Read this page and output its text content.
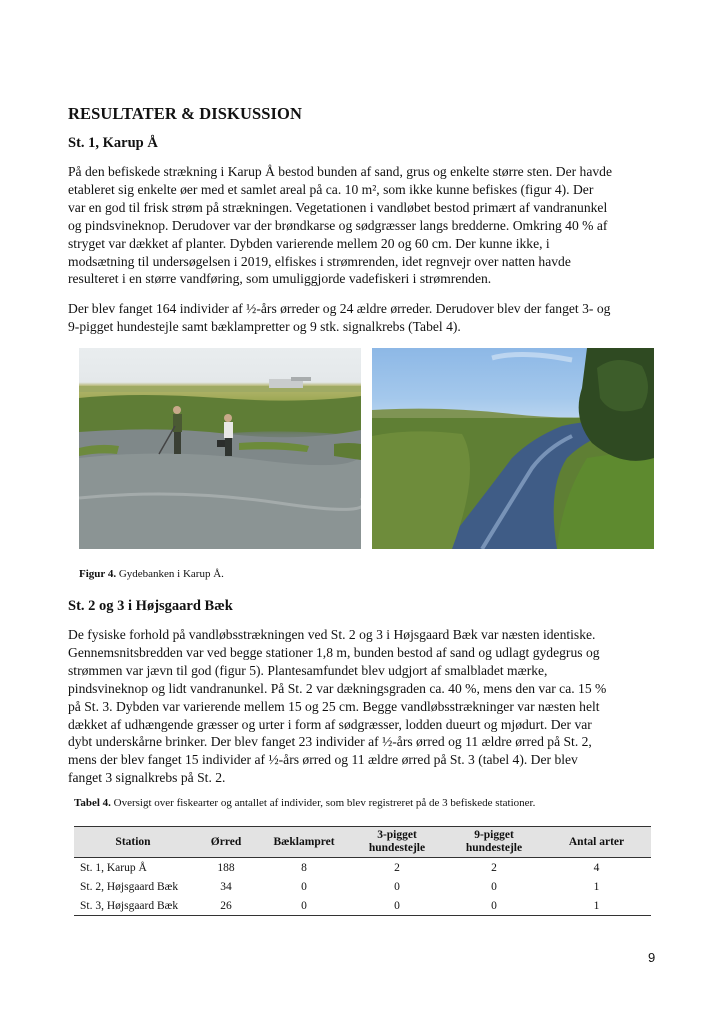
RESULTATER & DISKUSSION
St. 1, Karup Å

På den befiskede strækning i Karup Å bestod bunden af sand, grus og enkelte større sten. Der havde
etableret sig enkelte øer med et samlet areal på ca. 10 m², som ikke kunne befiskes (figur 4). Der
var en god til frisk strøm på strækningen. Vegetationen i vandløbet bestod primært af vandranunkel
og pindsvineknop. Derudover var der brøndkarse og sødgræsser langs bredderne. Omkring 40 % af
stryget var dækket af planter. Dybden varierende mellem 20 og 60 cm. Der kunne ikke, i
modsætning til undersøgelsen i 2019, elfiskes i strømrenden, idet regnvejr over natten havde
resulteret i en større vandføring, som umuliggjorde vadefiskeri i strømrenden.

Der blev fanget 164 individer af ½-års ørreder og 24 ældre ørreder. Derudover blev der fanget 3- og
9-pigget hundestejle samt bæklampretter og 9 stk. signalkrebs (Tabel 4).

Figur 4. Gydebanken i Karup Å.
St. 2 og 3 i Højsgaard Bæk

De fysiske forhold på vandløbsstrækningen ved St. 2 og 3 i Højsgaard Bæk var næsten identiske.
Gennemsnitsbredden var ved begge stationer 1,8 m, bunden bestod af sand og udlagt gydegrus og
strømmen var jævn til god (figur 5). Plantesamfundet blev udgjort af smalbladet mærke,
pindsvineknop og lidt vandranunkel. På St. 2 var dækningsgraden ca. 40 %, mens den var ca. 15 %
på St. 3. Dybden var varierende mellem 15 og 25 cm. Begge vandløbsstrækninger var næsten helt
dækket af udhængende græsser og urter i form af sødgræsser, lodden dueurt og mjødurt. Der var
dybt underskårne brinker. Der blev fanget 23 individer af ½-års ørred og 11 ældre ørred på St. 2,
mens der blev fanget 15 individer af ½-års ørred og 11 ældre ørred på St. 3 (tabel 4). Der blev
fanget 3 signalkrebs på St. 2.

Tabel 4. Oversigt over fiskearter og antallet af individer, som blev registreret på de 3 befiskede stationer.
Station	Ørred	Bæklampret	3-pigget hundestejle	9-pigget hundestejle	Antal arter
St. 1, Karup Å	188	8	2	2	4
St. 2, Højsgaard Bæk	34	0	0	0	1
St. 3, Højsgaard Bæk	26	0	0	0	1
9
